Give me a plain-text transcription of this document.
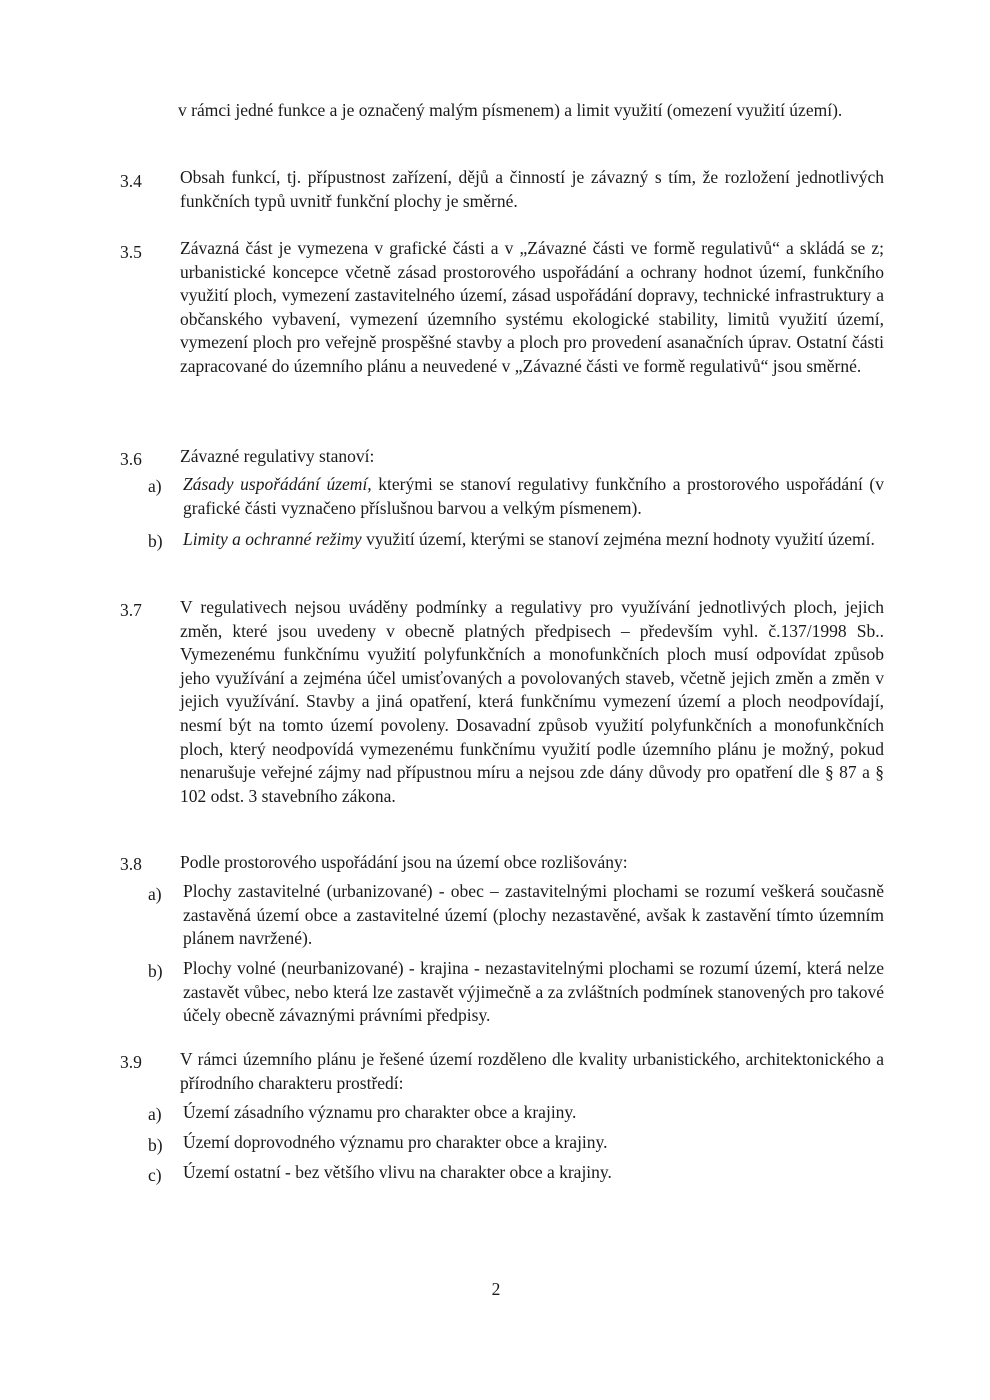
v rámci jedné funkce a je označený malým písmenem) a limit využití (omezení využití území).
3.4	Obsah funkcí, tj. přípustnost zařízení, dějů a činností je závazný s tím, že rozložení jednotlivých funkčních typů uvnitř funkční plochy je směrné.
3.5	Závazná část je vymezena v grafické části a v „Závazné části ve formě regulativů“ a skládá se z; urbanistické koncepce včetně zásad prostorového uspořádání a ochrany hodnot území, funkčního využití ploch, vymezení zastavitelného území, zásad uspořádání dopravy, technické infrastruktury a občanského vybavení, vymezení územního systému ekologické stability, limitů využití území, vymezení ploch pro veřejně prospěšné stavby a ploch pro provedení asanačních úprav. Ostatní části zapracované do územního plánu a neuvedené v „Závazné části ve formě regulativů“ jsou směrné.
3.6	Závazné regulativy stanoví:
a)	Zásady uspořádání území, kterými se stanoví regulativy funkčního a prostorového uspořádání (v grafické části vyznačeno příslušnou barvou a velkým písmenem).
b)	Limity a ochranné režimy využití území, kterými se stanoví zejména mezní hodnoty využití území.
3.7	V regulativech nejsou uváděny podmínky a regulativy pro využívání jednotlivých ploch, jejich změn, které jsou uvedeny v obecně platných předpisech – především vyhl. č.137/1998 Sb.. Vymezenému funkčnímu využití polyfunkčních a monofunkčních ploch musí odpovídat způsob jeho využívání a zejména účel umisťovaných a povolovaných staveb, včetně jejich změn a změn v jejich využívání. Stavby a jiná opatření, která funkčnímu vymezení území a ploch neodpovídají, nesmí být na tomto území povoleny. Dosavadní způsob využití polyfunkčních a monofunkčních ploch, který neodpovídá vymezenému funkčnímu využití podle územního plánu je možný, pokud nenarušuje veřejné zájmy nad přípustnou míru a nejsou zde dány důvody pro opatření dle § 87 a § 102 odst. 3 stavebního zákona.
3.8	Podle prostorového uspořádání jsou na území obce rozlišovány:
a)	Plochy zastavitelné (urbanizované) - obec – zastavitelnými plochami se rozumí veškerá současně zastavěná území obce a zastavitelné území (plochy nezastavěné, avšak k zastavění tímto územním plánem navržené).
b)	Plochy volné (neurbanizované) - krajina - nezastavitelnými plochami se rozumí území, která nelze zastavět vůbec, nebo která lze zastavět výjimečně a za zvláštních podmínek stanovených pro takové účely obecně závaznými právními předpisy.
3.9	V rámci územního plánu je řešené území rozděleno dle kvality urbanistického, architektonického a přírodního charakteru prostředí:
a)	Území zásadního významu pro charakter obce a krajiny.
b)	Území doprovodného významu pro charakter obce a krajiny.
c)	Území ostatní - bez většího vlivu na charakter obce a krajiny.
2
